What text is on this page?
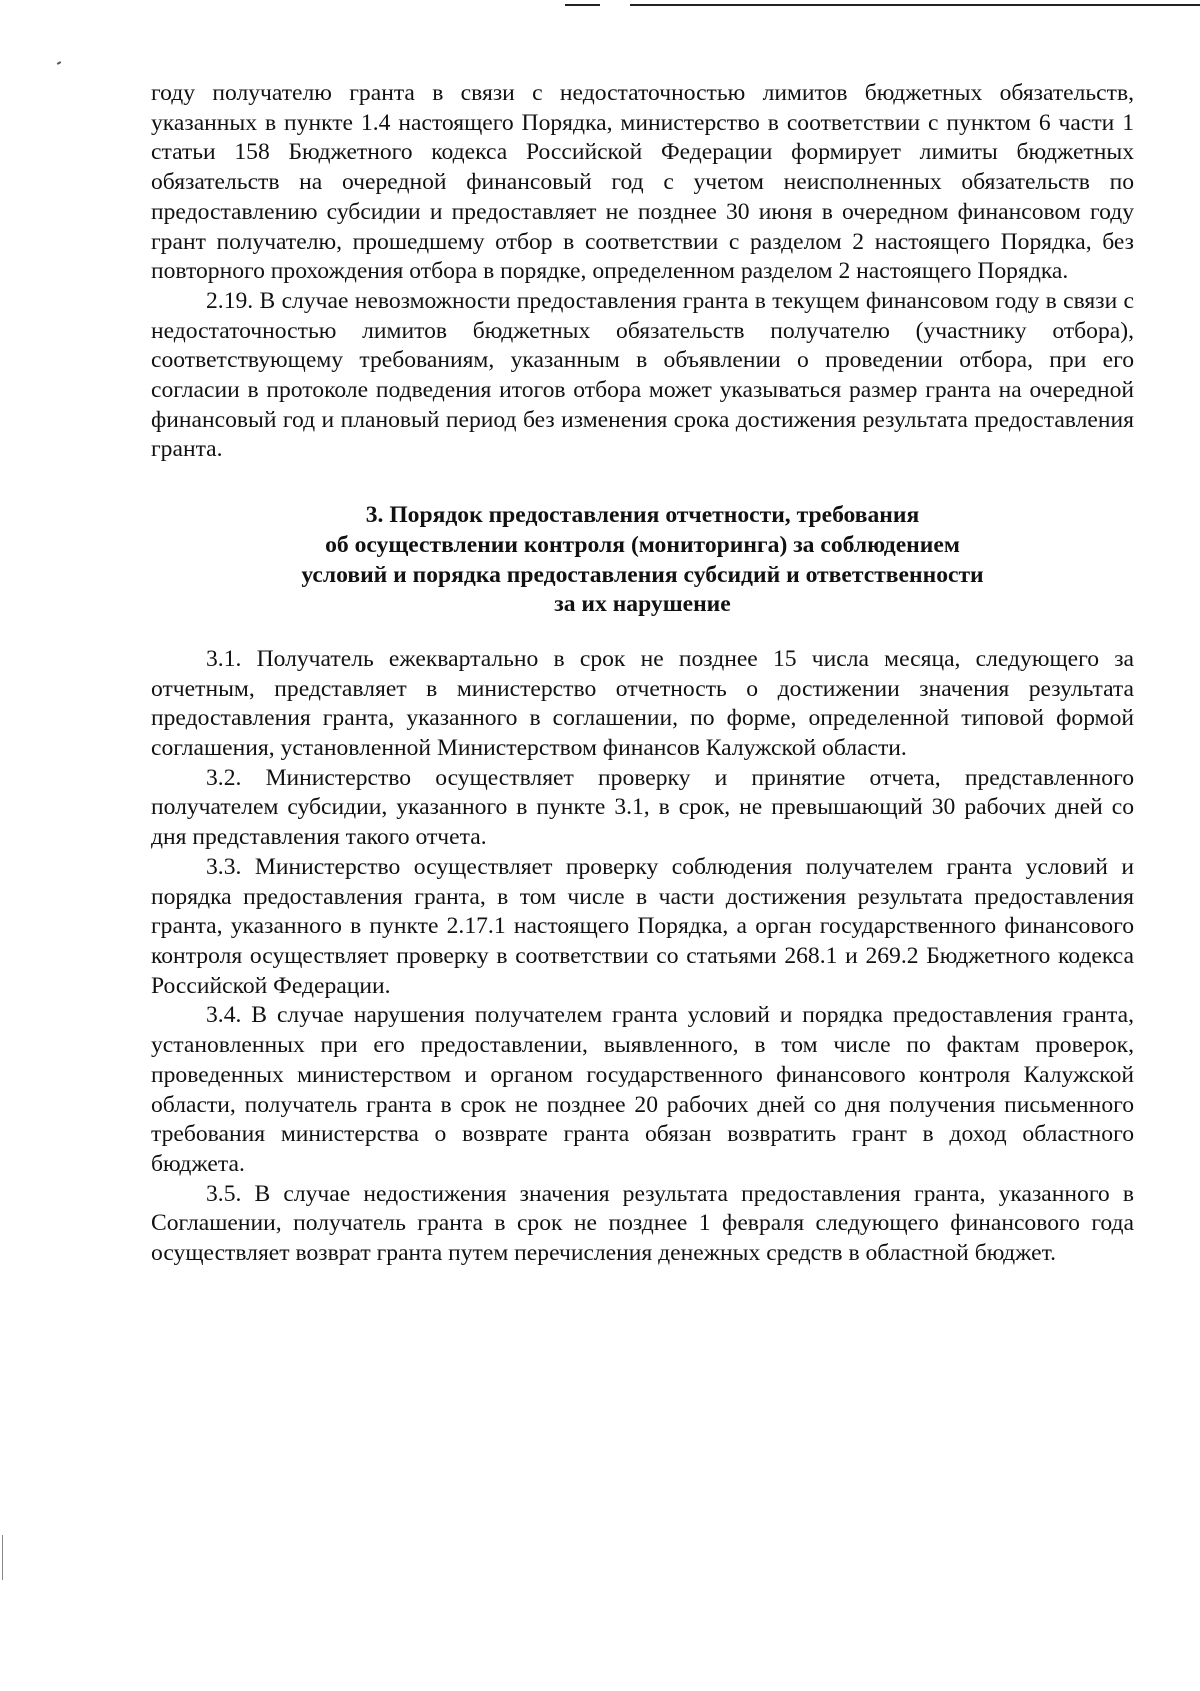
году получателю гранта в связи с недостаточностью лимитов бюджетных обязательств, указанных в пункте 1.4 настоящего Порядка, министерство в соответствии с пунктом 6 части 1 статьи 158 Бюджетного кодекса Российской Федерации формирует лимиты бюджетных обязательств на очередной финансовый год с учетом неисполненных обязательств по предоставлению субсидии и предоставляет не позднее 30 июня в очередном финансовом году грант получателю, прошедшему отбор в соответствии с разделом 2 настоящего Порядка, без повторного прохождения отбора в порядке, определенном разделом 2 настоящего Порядка.

2.19. В случае невозможности предоставления гранта в текущем финансовом году в связи с недостаточностью лимитов бюджетных обязательств получателю (участнику отбора), соответствующему требованиям, указанным в объявлении о проведении отбора, при его согласии в протоколе подведения итогов отбора может указываться размер гранта на очередной финансовый год и плановый период без изменения срока достижения результата предоставления гранта.

3. Порядок предоставления отчетности, требования
об осуществлении контроля (мониторинга) за соблюдением
условий и порядка предоставления субсидий и ответственности
за их нарушение

3.1. Получатель ежеквартально в срок не позднее 15 числа месяца, следующего за отчетным, представляет в министерство отчетность о достижении значения результата предоставления гранта, указанного в соглашении, по форме, определенной типовой формой соглашения, установленной Министерством финансов Калужской области.

3.2. Министерство осуществляет проверку и принятие отчета, представленного получателем субсидии, указанного в пункте 3.1, в срок, не превышающий 30 рабочих дней со дня представления такого отчета.

3.3. Министерство осуществляет проверку соблюдения получателем гранта условий и порядка предоставления гранта, в том числе в части достижения результата предоставления гранта, указанного в пункте 2.17.1 настоящего Порядка, а орган государственного финансового контроля осуществляет проверку в соответствии со статьями 268.1 и 269.2 Бюджетного кодекса Российской Федерации.

3.4. В случае нарушения получателем гранта условий и порядка предоставления гранта, установленных при его предоставлении, выявленного, в том числе по фактам проверок, проведенных министерством и органом государственного финансового контроля Калужской области, получатель гранта в срок не позднее 20 рабочих дней со дня получения письменного требования министерства о возврате гранта обязан возвратить грант в доход областного бюджета.

3.5. В случае недостижения значения результата предоставления гранта, указанного в Соглашении, получатель гранта в срок не позднее 1 февраля следующего финансового года осуществляет возврат гранта путем перечисления денежных средств в областной бюджет.
